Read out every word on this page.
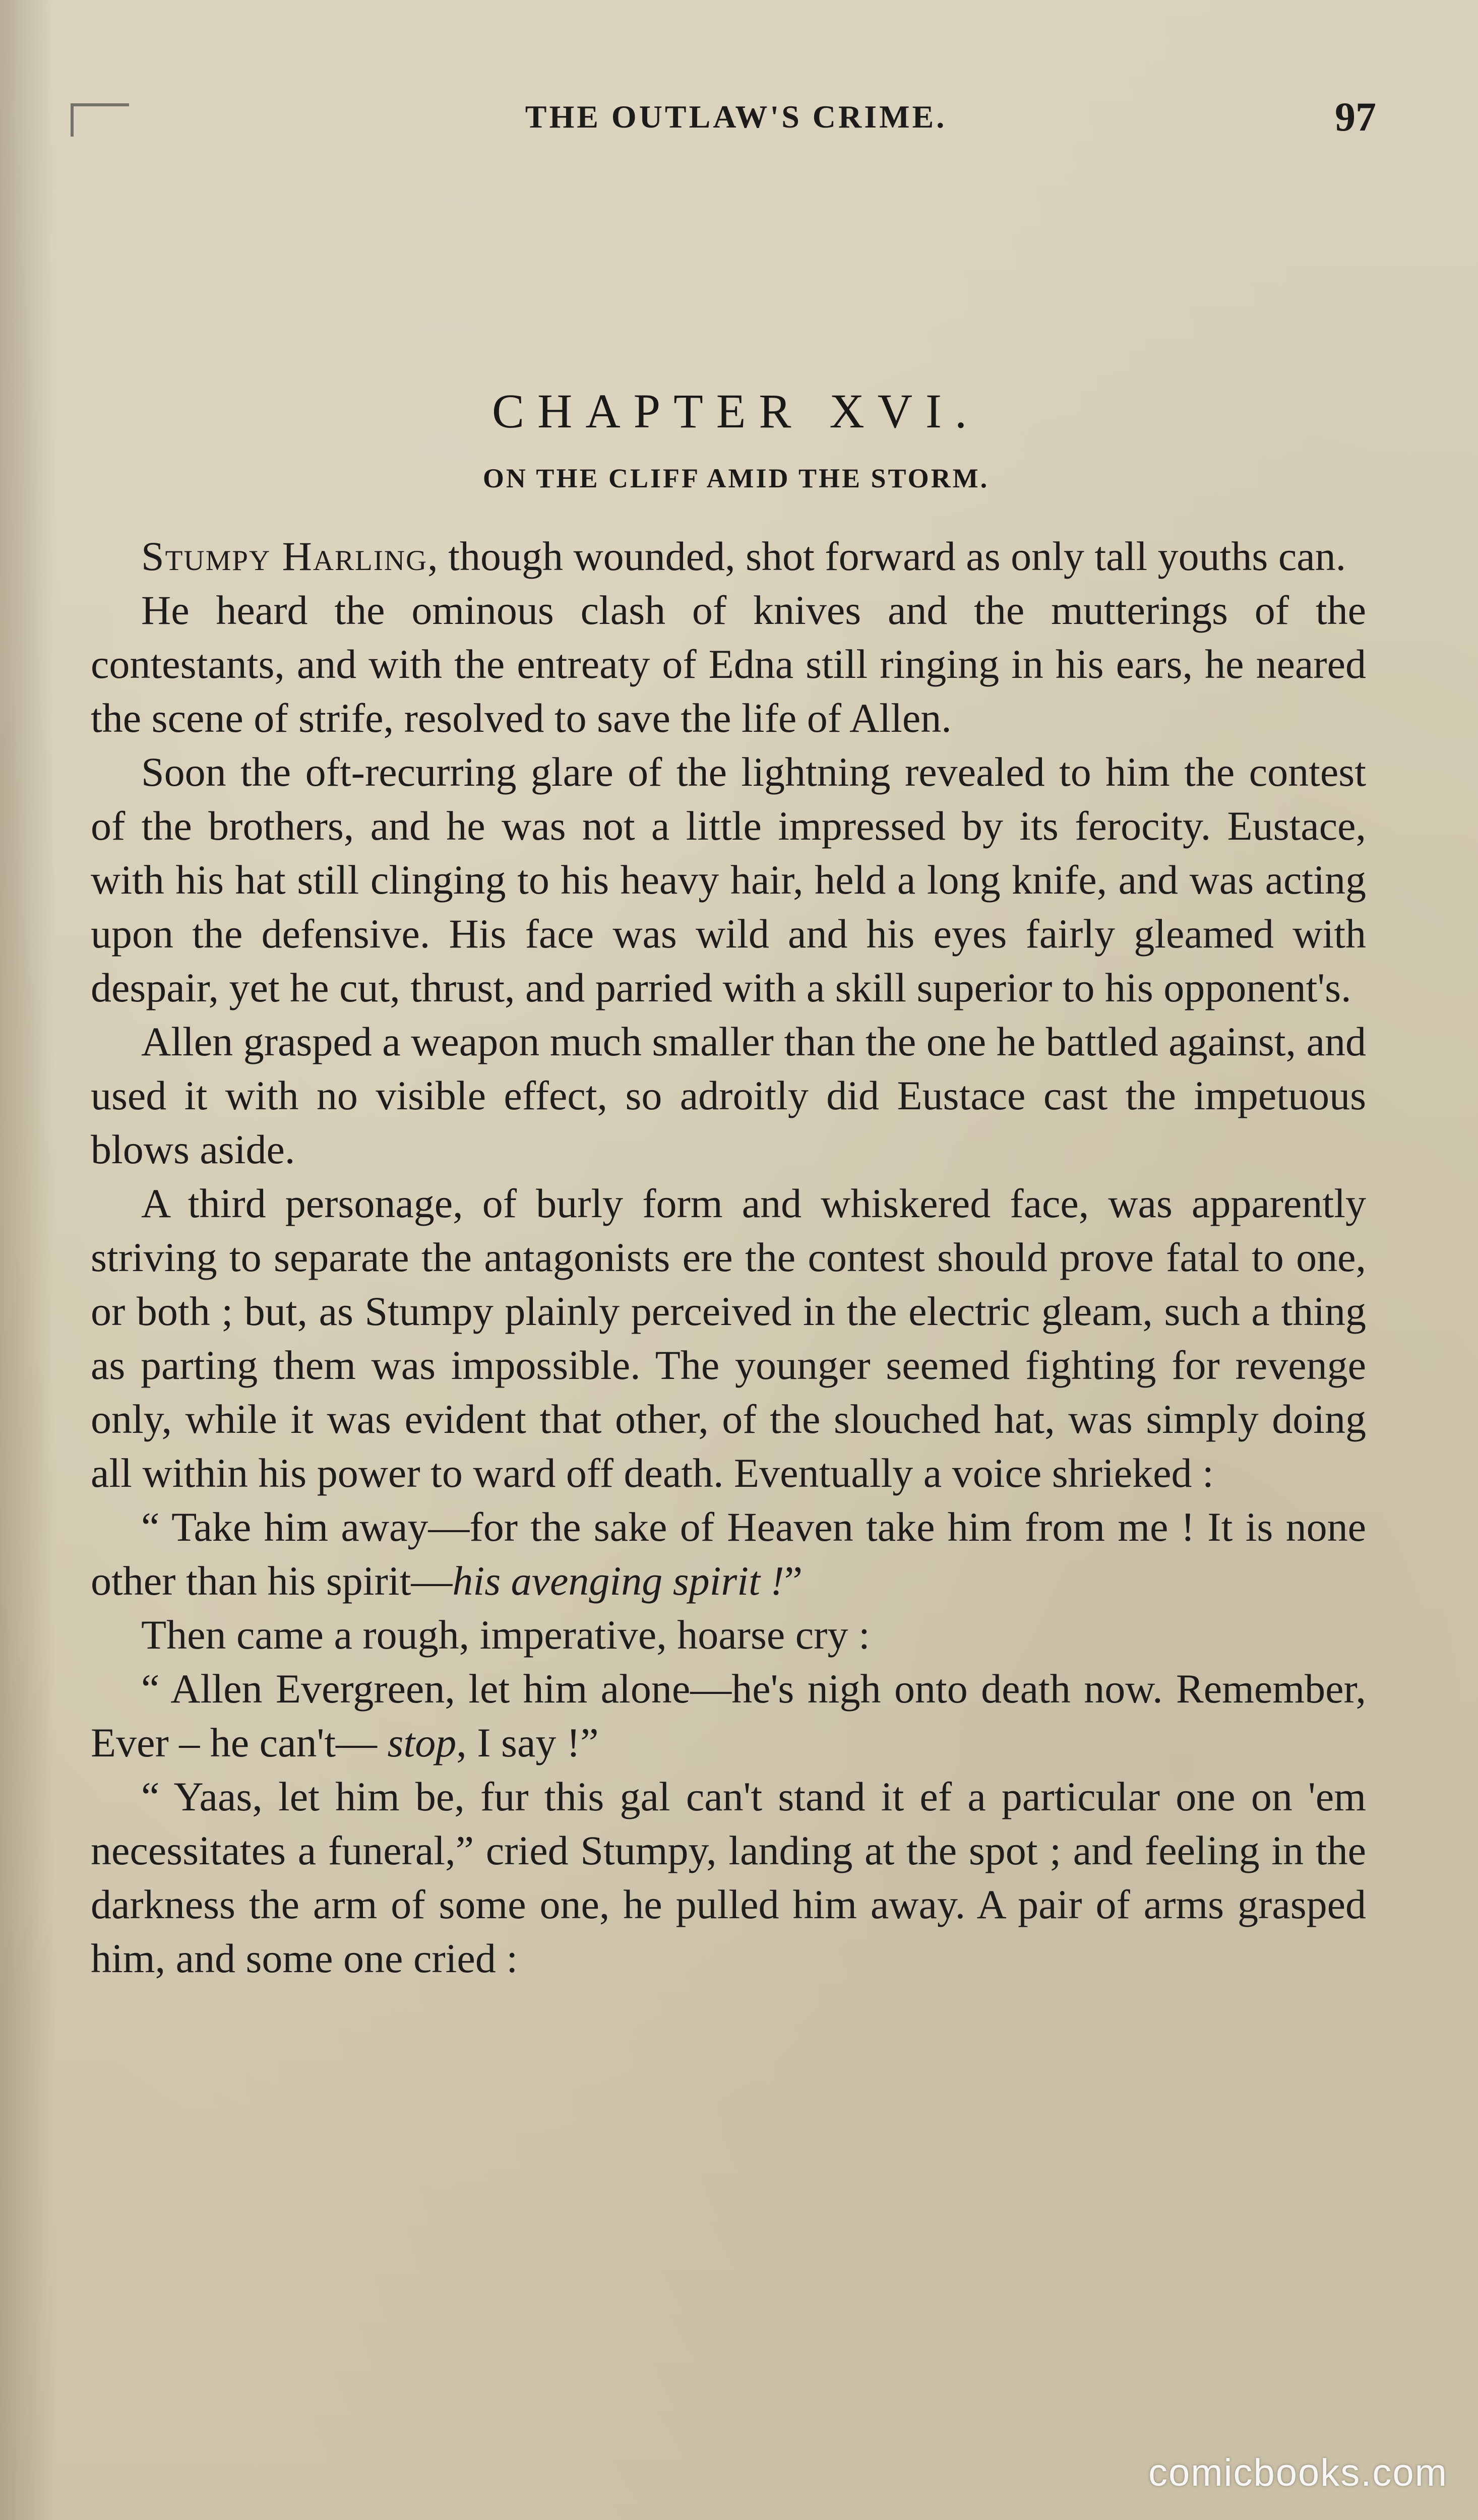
THE OUTLAW'S CRIME.	97
CHAPTER XVI.
ON THE CLIFF AMID THE STORM.

Stumpy Harling, though wounded, shot forward as only tall youths can.

He heard the ominous clash of knives and the mutterings of the contestants, and with the entreaty of Edna still ringing in his ears, he neared the scene of strife, resolved to save the life of Allen.

Soon the oft-recurring glare of the lightning revealed to him the contest of the brothers, and he was not a little impressed by its ferocity. Eustace, with his hat still clinging to his heavy hair, held a long knife, and was acting upon the defensive. His face was wild and his eyes fairly gleamed with despair, yet he cut, thrust, and parried with a skill superior to his opponent's.

Allen grasped a weapon much smaller than the one he battled against, and used it with no visible effect, so adroitly did Eustace cast the impetuous blows aside.

A third personage, of burly form and whiskered face, was apparently striving to separate the antagonists ere the contest should prove fatal to one, or both ; but, as Stumpy plainly perceived in the electric gleam, such a thing as parting them was impossible. The younger seemed fighting for revenge only, while it was evident that other, of the slouched hat, was simply doing all within his power to ward off death. Eventually a voice shrieked :

“ Take him away—for the sake of Heaven take him from me ! It is none other than his spirit—his avenging spirit !”

Then came a rough, imperative, hoarse cry :

“ Allen Evergreen, let him alone—he's nigh onto death now. Remember, Ever – he can't— stop, I say !”

“ Yaas, let him be, fur this gal can't stand it ef a particular one on 'em necessitates a funeral,” cried Stumpy, landing at the spot ; and feeling in the darkness the arm of some one, he pulled him away. A pair of arms grasped him, and some one cried :

comicbooks.com
